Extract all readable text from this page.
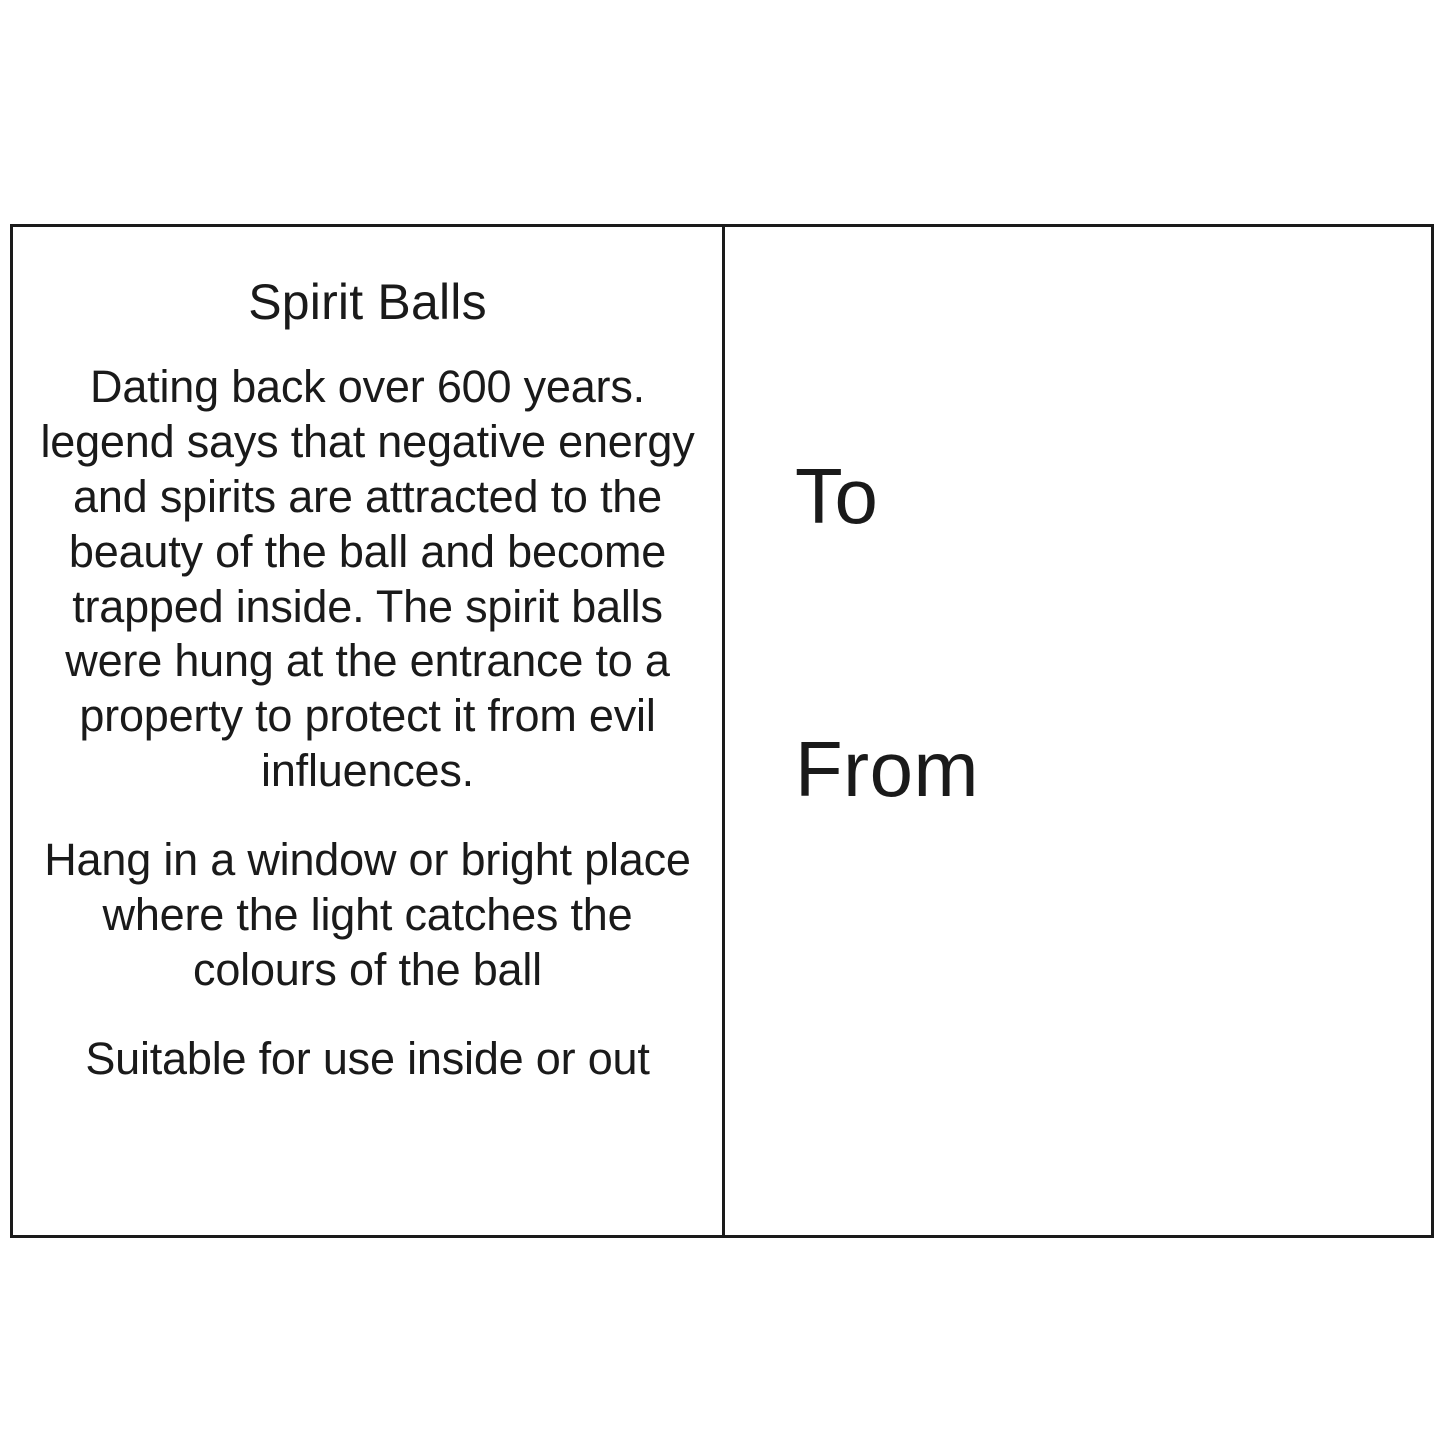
Spirit Balls

Dating back over 600 years. legend says that negative energy and spirits are attracted to the beauty of the ball and become trapped inside. The spirit balls were hung at the entrance to a property to protect it from evil influences.

Hang in a window or bright place where the light catches the colours of the ball

Suitable for use inside or out

To
From
